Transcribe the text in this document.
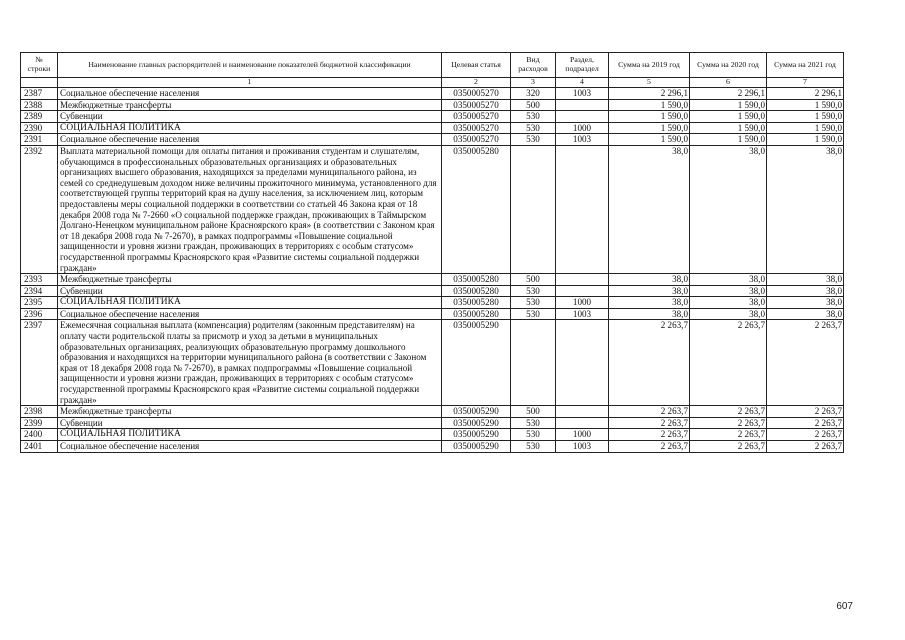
№ строки	Наименование главных распорядителей и наименование показателей бюджетной классификации	Целевая статья	Вид расходов	Раздел, подраздел	Сумма на 2019 год	Сумма на 2020 год	Сумма на 2021 год
	1	2	3	4	5	6	7
2387	Социальное обеспечение населения	0350005270	320	1003	2 296,1	2 296,1	2 296,1
2388	Межбюджетные трансферты	0350005270	500		1 590,0	1 590,0	1 590,0
2389	Субвенции	0350005270	530		1 590,0	1 590,0	1 590,0
2390	СОЦИАЛЬНАЯ ПОЛИТИКА	0350005270	530	1000	1 590,0	1 590,0	1 590,0
2391	Социальное обеспечение населения	0350005270	530	1003	1 590,0	1 590,0	1 590,0
2392	Выплата материальной помощи для оплаты питания и проживания студентам и слушателям, обучающимся в профессиональных образовательных организациях и образовательных организациях высшего образования, находящихся за пределами муниципального района, из семей со среднедушевым доходом ниже величины прожиточного минимума, установленного для соответствующей группы территорий края на душу населения, за исключением лиц, которым предоставлены меры социальной поддержки в соответствии со статьей 46 Закона края от 18 декабря 2008 года № 7-2660 «О социальной поддержке граждан, проживающих в Таймырском Долгано-Ненецком муниципальном районе Красноярского края» (в соответствии с Законом края от 18 декабря 2008 года № 7-2670), в рамках подпрограммы «Повышение социальной защищенности и уровня жизни граждан, проживающих в территориях с особым статусом» государственной программы Красноярского края «Развитие системы социальной поддержки граждан»	0350005280			38,0	38,0	38,0
2393	Межбюджетные трансферты	0350005280	500		38,0	38,0	38,0
2394	Субвенции	0350005280	530		38,0	38,0	38,0
2395	СОЦИАЛЬНАЯ ПОЛИТИКА	0350005280	530	1000	38,0	38,0	38,0
2396	Социальное обеспечение населения	0350005280	530	1003	38,0	38,0	38,0
2397	Ежемесячная социальная выплата (компенсация) родителям (законным представителям) на оплату части родительской платы за присмотр и уход за детьми в муниципальных образовательных организациях, реализующих образовательную программу дошкольного образования и находящихся на территории муниципального района (в соответствии с Законом края от 18 декабря 2008 года № 7-2670), в рамках подпрограммы «Повышение социальной защищенности и уровня жизни граждан, проживающих в территориях с особым статусом» государственной программы Красноярского края «Развитие системы социальной поддержки граждан»	0350005290			2 263,7	2 263,7	2 263,7
2398	Межбюджетные трансферты	0350005290	500		2 263,7	2 263,7	2 263,7
2399	Субвенции	0350005290	530		2 263,7	2 263,7	2 263,7
2400	СОЦИАЛЬНАЯ ПОЛИТИКА	0350005290	530	1000	2 263,7	2 263,7	2 263,7
2401	Социальное обеспечение населения	0350005290	530	1003	2 263,7	2 263,7	2 263,7
607
